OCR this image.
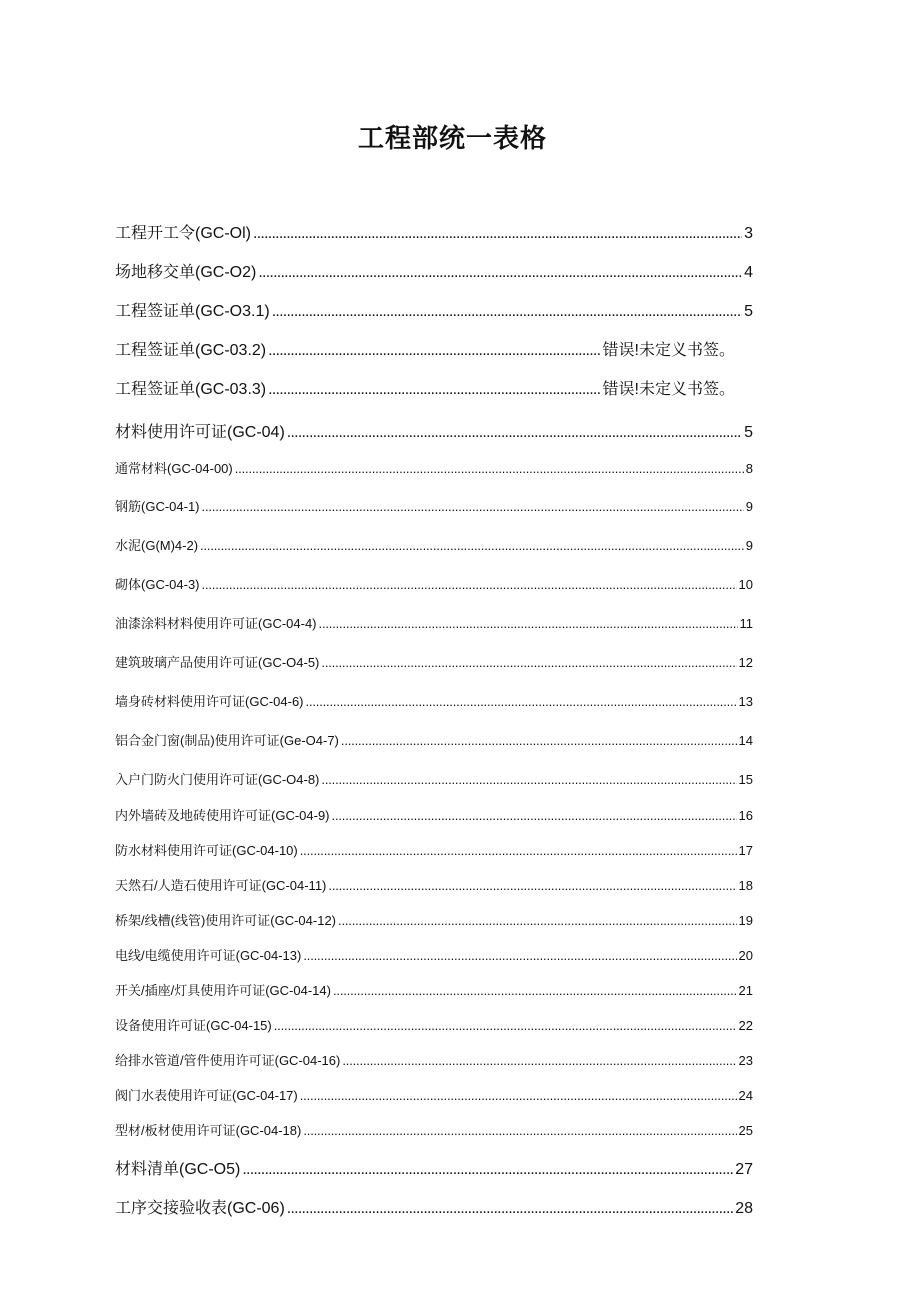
工程部统一表格
工程开工令(GC-Ol) . . .	3
场地移交单(GC-O2) . . .	4
工程签证单(GC-O3.1) . . .	5
工程签证单(GC-03.2) . . .	错误!未定义书签。
工程签证单(GC-03.3) . . .	错误!未定义书签。
材料使用许可证(GC-04) . . .	5
通常材料(GC-04-00) . . .	8
钢筋(GC-04-1) . . .	9
水泥(G(M)4-2) . . .	9
砌体(GC-04-3) . . .	10
油漆涂料材料使用许可证(GC-04-4) . . .	11
建筑玻璃产品使用许可证(GC-O4-5) . . .	12
墙身砖材料使用许可证(GC-04-6) . . .	13
铝合金门窗(制品)使用许可证(Ge-O4-7) . . .	14
入户门防火门使用许可证(GC-O4-8) . . .	15
内外墙砖及地砖使用许可证(GC-04-9) . . .	16
防水材料使用许可证(GC-04-10) . . .	17
天然石/人造石使用许可证(GC-04-11) . . .	18
桥架/线槽(线管)使用许可证(GC-04-12) . . .	19
电线/电缆使用许可证(GC-04-13) . . .	20
开关/插座/灯具使用许可证(GC-04-14) . . .	21
设备使用许可证(GC-04-15) . . .	22
给排水管道/管件使用许可证(GC-04-16) . . .	23
阀门水表使用许可证(GC-04-17) . . .	24
型材/板材使用许可证(GC-04-18) . . .	25
材料清单(GC-O5) . . .	27
工序交接验收表(GC-06) . . .	28
